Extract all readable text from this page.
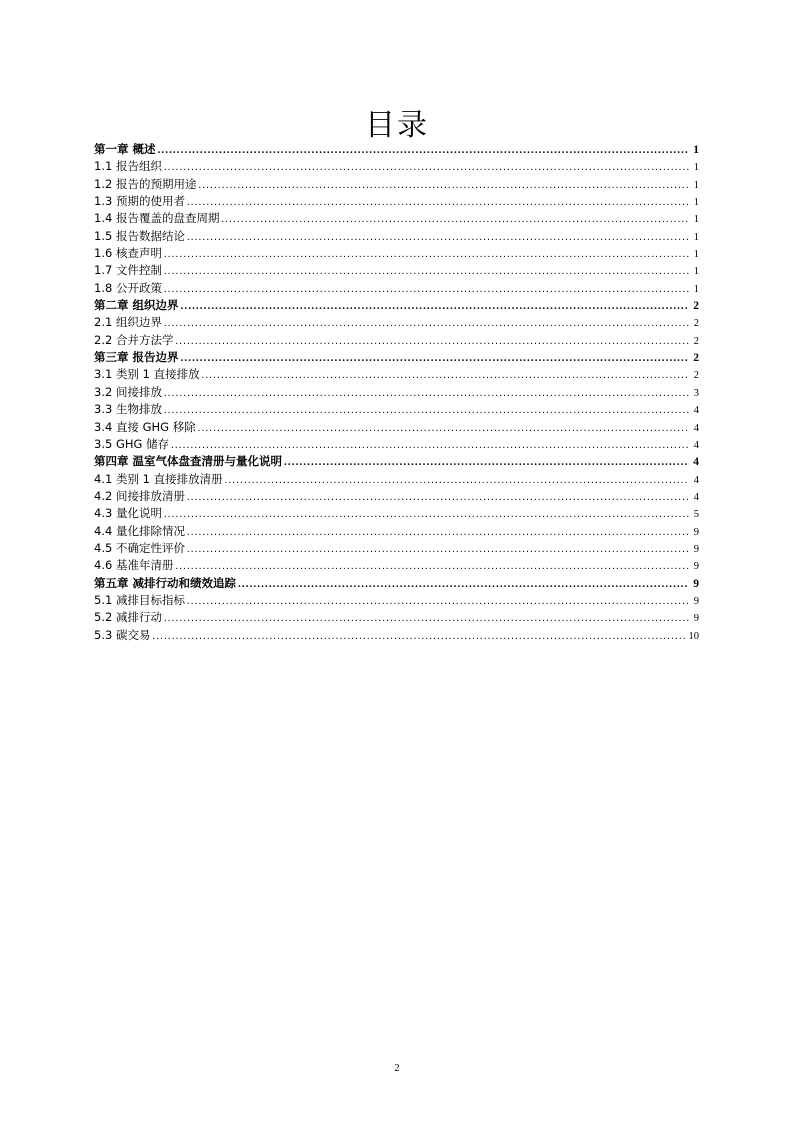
目录
第一章 概述 .....	1
1.1 报告组织 .....	1
1.2 报告的预期用途 .....	1
1.3 预期的使用者 .....	1
1.4 报告覆盖的盘查周期 .....	1
1.5 报告数据结论 .....	1
1.6 核查声明 .....	1
1.7 文件控制 .....	1
1.8 公开政策 .....	1
第二章 组织边界 .....	2
2.1 组织边界 .....	2
2.2 合并方法学 .....	2
第三章 报告边界 .....	2
3.1 类别 1 直接排放 .....	2
3.2 间接排放 .....	3
3.3 生物排放 .....	4
3.4 直接 GHG 移除 .....	4
3.5 GHG 储存 .....	4
第四章 温室气体盘查清册与量化说明 .....	4
4.1 类别 1 直接排放清册 .....	4
4.2 间接排放清册 .....	4
4.3 量化说明 .....	5
4.4 量化排除情况 .....	9
4.5 不确定性评价 .....	9
4.6 基准年清册 .....	9
第五章 减排行动和绩效追踪 .....	9
5.1 减排目标指标 .....	9
5.2 减排行动 .....	9
5.3 碳交易 .....	10
2
